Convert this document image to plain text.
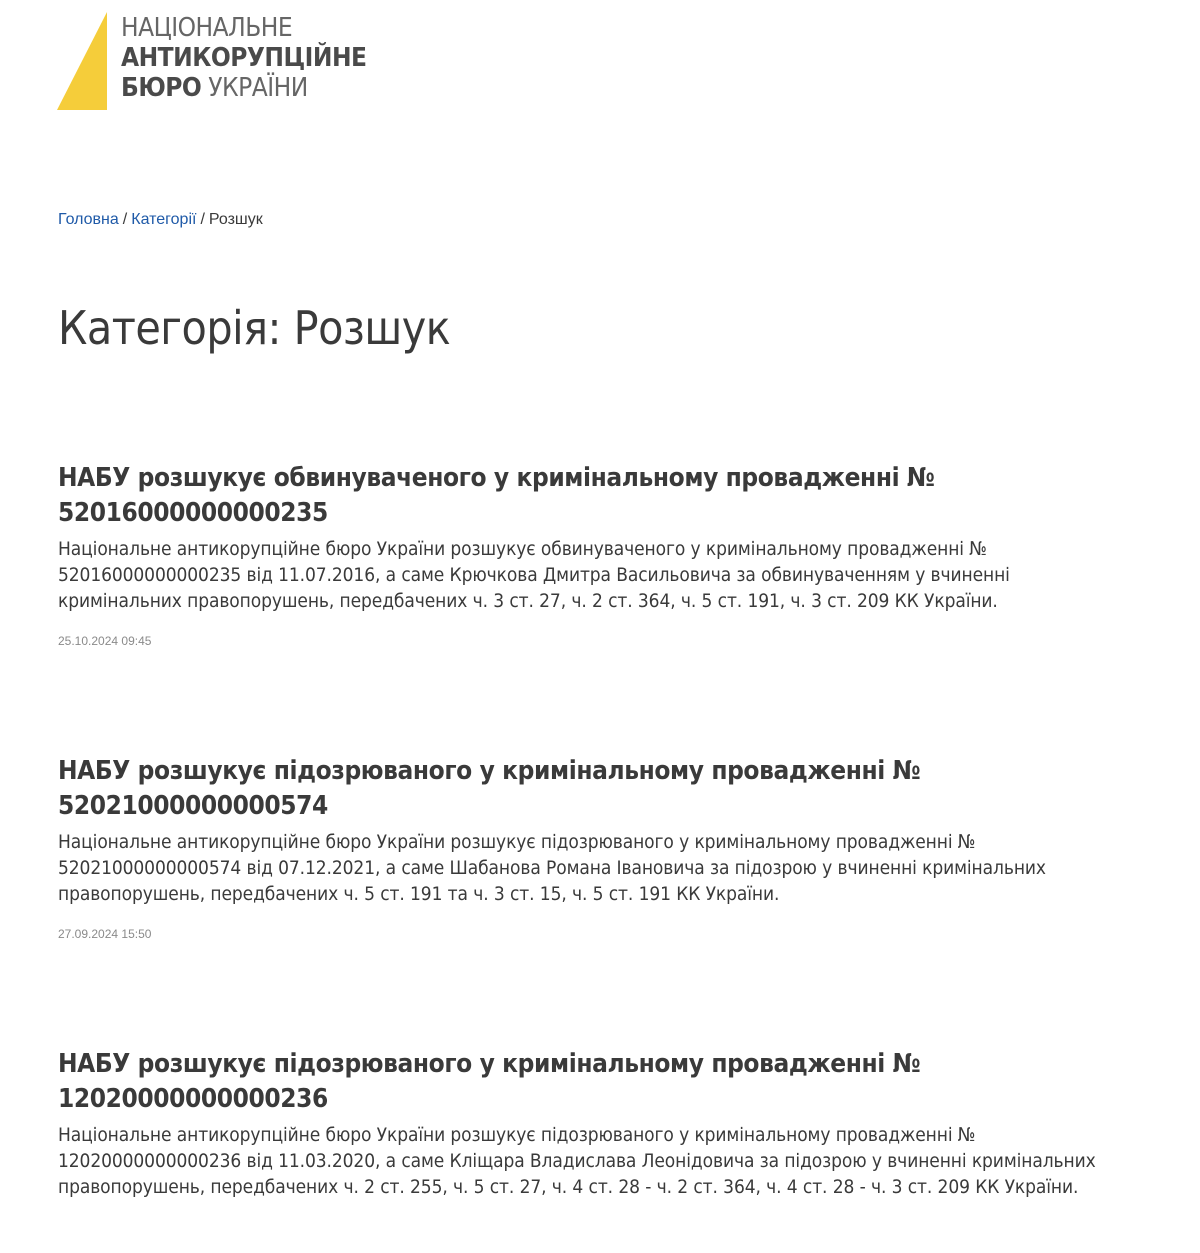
НАЦІОНАЛЬНЕ
АНТИКОРУПЦІЙНЕ
БЮРО УКРАЇНИ
Головна / Категорії / Розшук
Категорія: Розшук
НАБУ розшукує обвинуваченого у кримінальному провадженні № 52016000000000235

Національне антикорупційне бюро України розшукує обвинуваченого у кримінальному провадженні № 52016000000000235 від 11.07.2016, а саме Крючкова Дмитра Васильовича за обвинуваченням у вчиненні кримінальних правопорушень, передбачених ч. 3 ст. 27, ч. 2 ст. 364, ч. 5 ст. 191, ч. 3 ст. 209 КК України.

25.10.2024 09:45
НАБУ розшукує підозрюваного у кримінальному провадженні № 52021000000000574

Національне антикорупційне бюро України розшукує підозрюваного у кримінальному провадженні № 52021000000000574 від 07.12.2021, а саме Шабанова Романа Івановича за підозрою у вчиненні кримінальних правопорушень, передбачених ч. 5 ст. 191 та ч. 3 ст. 15, ч. 5 ст. 191 КК України.

27.09.2024 15:50
НАБУ розшукує підозрюваного у кримінальному провадженні № 12020000000000236

Національне антикорупційне бюро України розшукує підозрюваного у кримінальному провадженні № 12020000000000236 від 11.03.2020, а саме Кліщара Владислава Леонідовича за підозрою у вчиненні кримінальних правопорушень, передбачених ч. 2 ст. 255, ч. 5 ст. 27, ч. 4 ст. 28 - ч. 2 ст. 364, ч. 4 ст. 28 - ч. 3 ст. 209 КК України.
